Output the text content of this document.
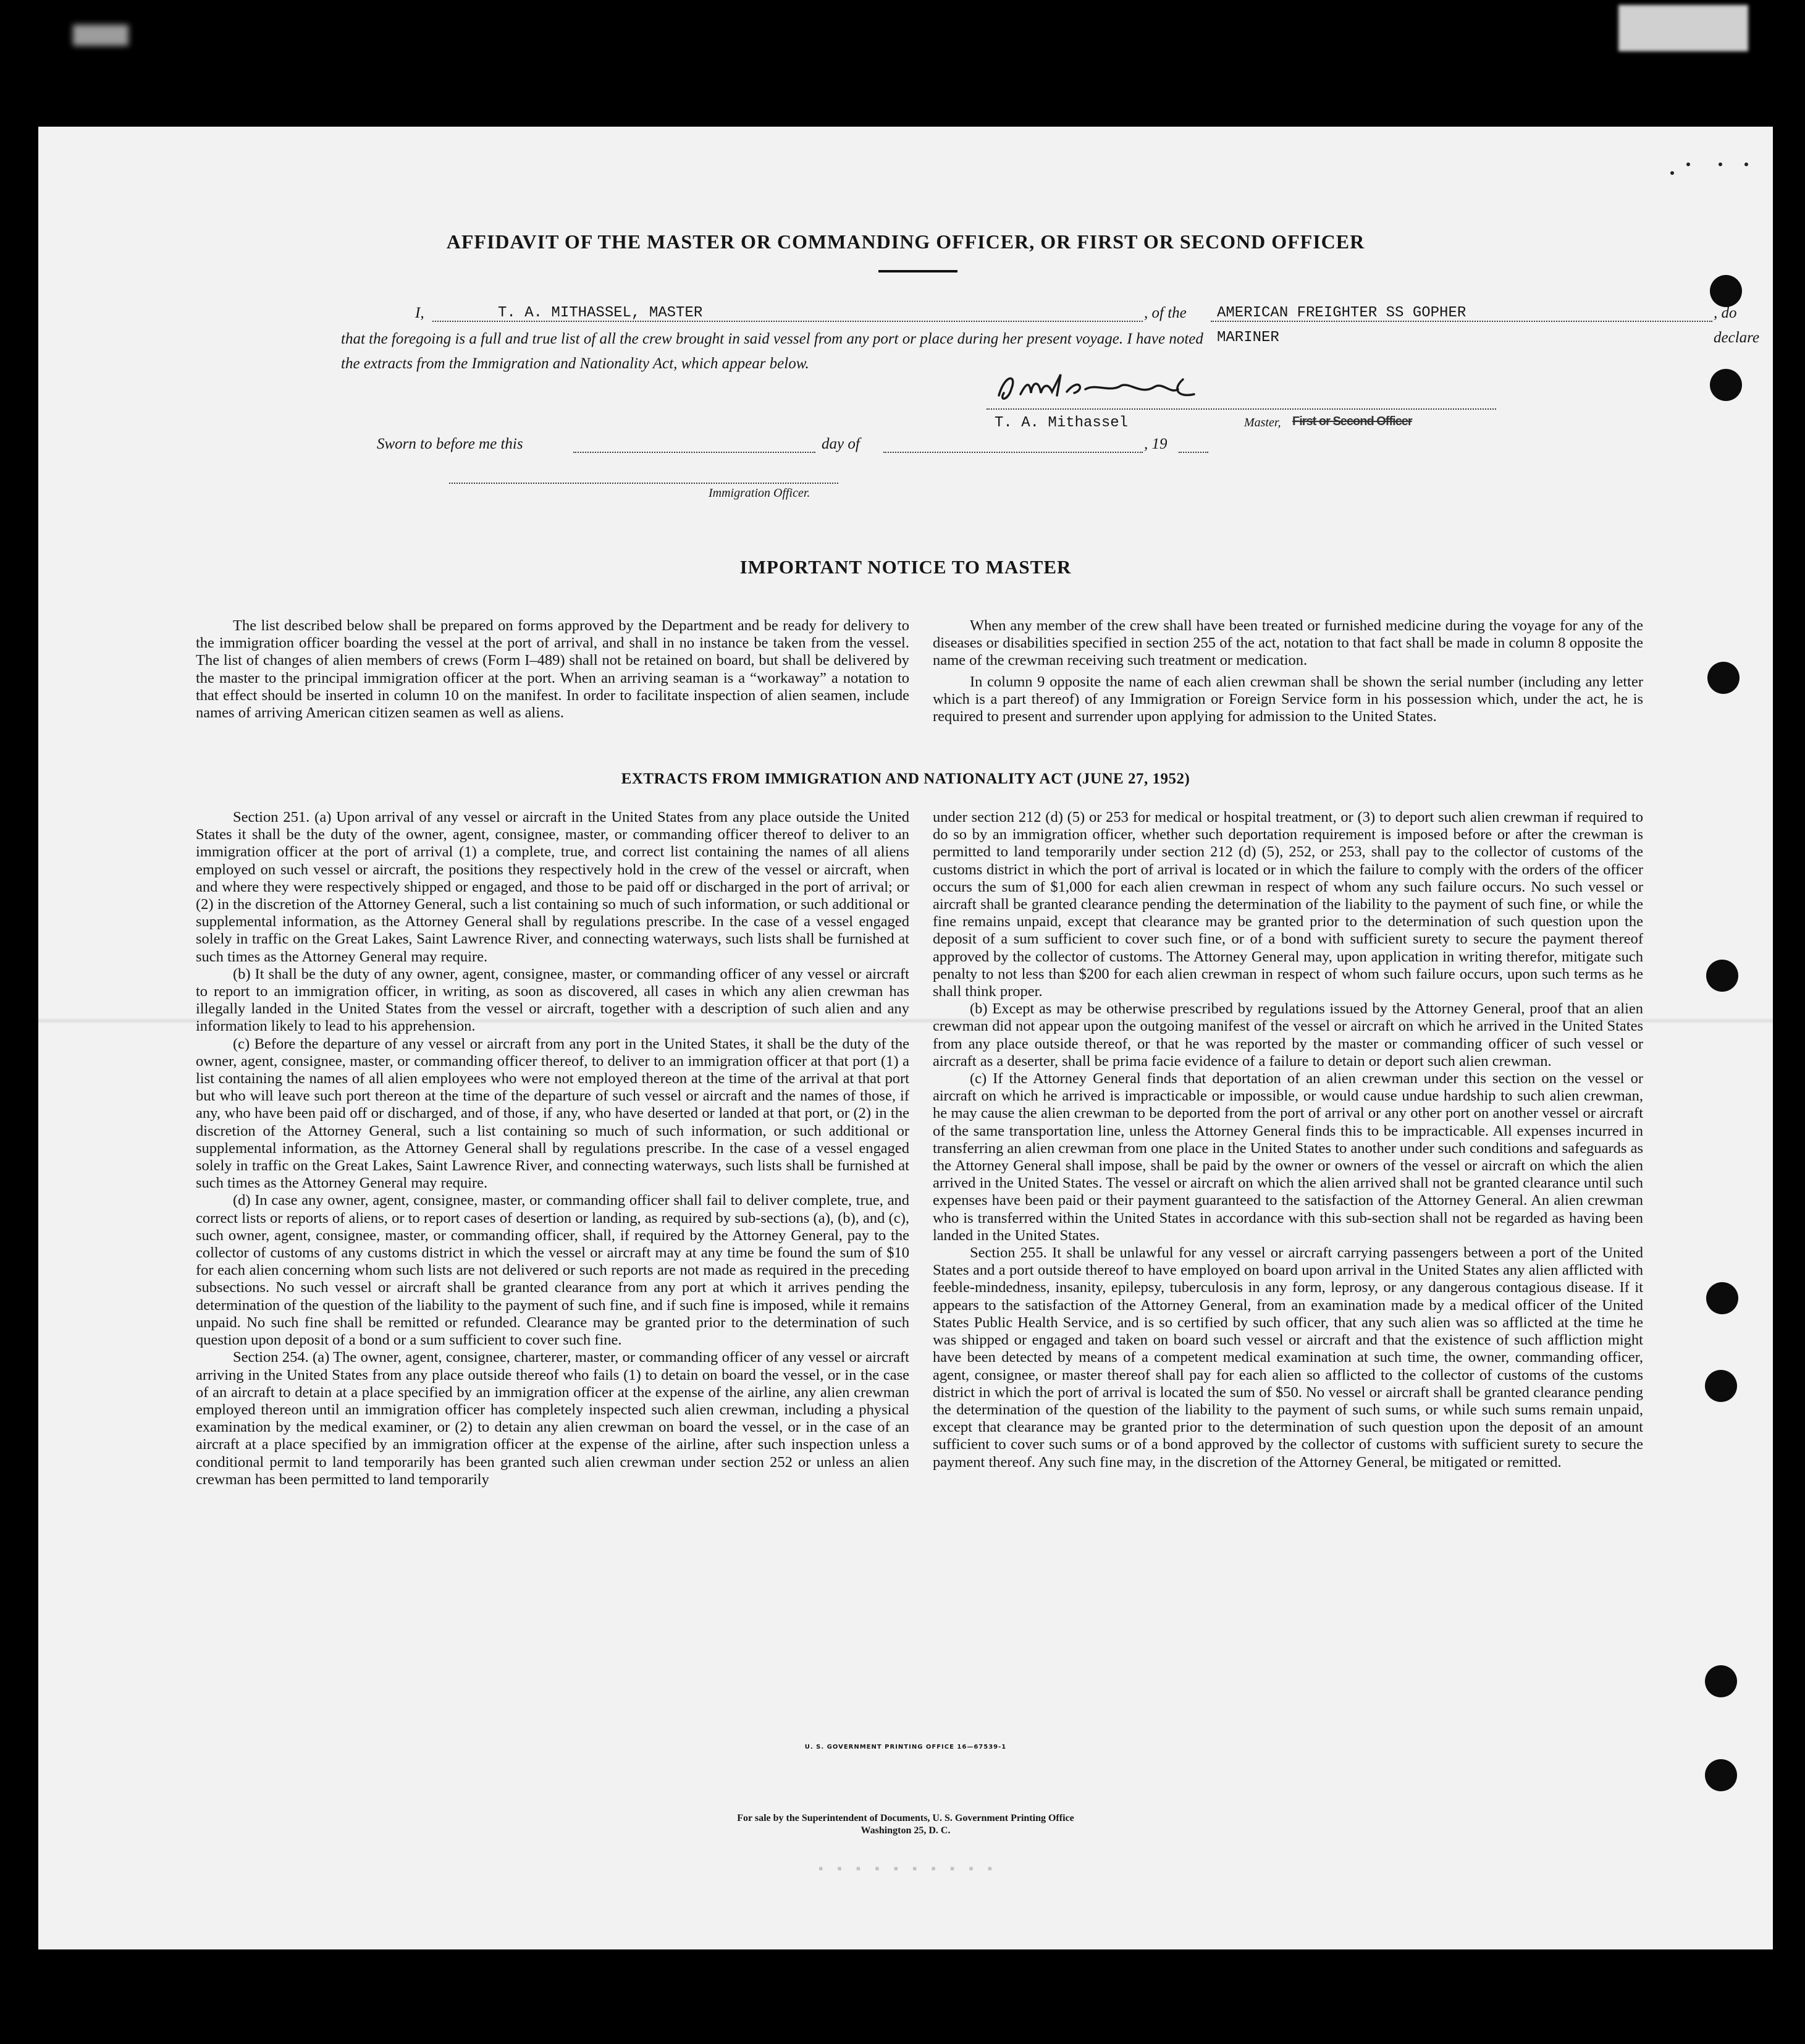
AFFIDAVIT OF THE MASTER OR COMMANDING OFFICER, OR FIRST OR SECOND OFFICER
I,	T. A. MITHASSEL, MASTER	, of the AMERICAN FREIGHTER SS GOPHER MARINER
, do declare
that the foregoing is a full and true list of all the crew brought in said vessel from any port or place during her present voyage. I have noted
the extracts from the Immigration and Nationality Act, which appear below.
T. A. Mithassel	Master, First or Second Officer
Sworn to before me this	day of	, 19
Immigration Officer.
IMPORTANT NOTICE TO MASTER

The list described below shall be prepared on forms approved by the Department and be ready for delivery to the immigration officer boarding the vessel at the port of arrival, and shall in no instance be taken from the vessel. The list of changes of alien members of crews (Form I–489) shall not be retained on board, but shall be delivered by the master to the principal immigration officer at the port. When an arriving seaman is a “workaway” a notation to that effect should be inserted in column 10 on the manifest. In order to facilitate inspection of alien seamen, include names of arriving American citizen seamen as well as aliens.

When any member of the crew shall have been treated or furnished medicine during the voyage for any of the diseases or disabilities specified in section 255 of the act, notation to that fact shall be made in column 8 opposite the name of the crewman receiving such treatment or medication.

In column 9 opposite the name of each alien crewman shall be shown the serial number (including any letter which is a part thereof) of any Immigration or Foreign Service form in his possession which, under the act, he is required to present and surrender upon applying for admission to the United States.

EXTRACTS FROM IMMIGRATION AND NATIONALITY ACT (JUNE 27, 1952)

Section 251. (a) Upon arrival of any vessel or aircraft in the United States from any place outside the United States it shall be the duty of the owner, agent, consignee, master, or commanding officer thereof to deliver to an immigration officer at the port of arrival (1) a complete, true, and correct list containing the names of all aliens employed on such vessel or aircraft, the positions they respectively hold in the crew of the vessel or aircraft, when and where they were respectively shipped or engaged, and those to be paid off or discharged in the port of arrival; or (2) in the discretion of the Attorney General, such a list containing so much of such information, or such additional or supplemental information, as the Attorney General shall by regulations prescribe. In the case of a vessel engaged solely in traffic on the Great Lakes, Saint Lawrence River, and connecting waterways, such lists shall be furnished at such times as the Attorney General may require.

(b) It shall be the duty of any owner, agent, consignee, master, or commanding officer of any vessel or aircraft to report to an immigration officer, in writing, as soon as discovered, all cases in which any alien crewman has illegally landed in the United States from the vessel or aircraft, together with a description of such alien and any information likely to lead to his apprehension.

(c) Before the departure of any vessel or aircraft from any port in the United States, it shall be the duty of the owner, agent, consignee, master, or commanding officer thereof, to deliver to an immigration officer at that port (1) a list containing the names of all alien employees who were not employed thereon at the time of the arrival at that port but who will leave such port thereon at the time of the departure of such vessel or aircraft and the names of those, if any, who have been paid off or discharged, and of those, if any, who have deserted or landed at that port, or (2) in the discretion of the Attorney General, such a list containing so much of such information, or such additional or supplemental information, as the Attorney General shall by regulations prescribe. In the case of a vessel engaged solely in traffic on the Great Lakes, Saint Lawrence River, and connecting waterways, such lists shall be furnished at such times as the Attorney General may require.

(d) In case any owner, agent, consignee, master, or commanding officer shall fail to deliver complete, true, and correct lists or reports of aliens, or to report cases of desertion or landing, as required by sub-sections (a), (b), and (c), such owner, agent, consignee, master, or commanding officer, shall, if required by the Attorney General, pay to the collector of customs of any customs district in which the vessel or aircraft may at any time be found the sum of $10 for each alien concerning whom such lists are not delivered or such reports are not made as required in the preceding subsections. No such vessel or aircraft shall be granted clearance from any port at which it arrives pending the determination of the question of the liability to the payment of such fine, and if such fine is imposed, while it remains unpaid. No such fine shall be remitted or refunded. Clearance may be granted prior to the determination of such question upon deposit of a bond or a sum sufficient to cover such fine.

Section 254. (a) The owner, agent, consignee, charterer, master, or commanding officer of any vessel or aircraft arriving in the United States from any place outside thereof who fails (1) to detain on board the vessel, or in the case of an aircraft to detain at a place specified by an immigration officer at the expense of the airline, any alien crewman employed thereon until an immigration officer has completely inspected such alien crewman, including a physical examination by the medical examiner, or (2) to detain any alien crewman on board the vessel, or in the case of an aircraft at a place specified by an immigration officer at the expense of the airline, after such inspection unless a conditional permit to land temporarily has been granted such alien crewman under section 252 or unless an alien crewman has been permitted to land temporarily

under section 212 (d) (5) or 253 for medical or hospital treatment, or (3) to deport such alien crewman if required to do so by an immigration officer, whether such deportation requirement is imposed before or after the crewman is permitted to land temporarily under section 212 (d) (5), 252, or 253, shall pay to the collector of customs of the customs district in which the port of arrival is located or in which the failure to comply with the orders of the officer occurs the sum of $1,000 for each alien crewman in respect of whom any such failure occurs. No such vessel or aircraft shall be granted clearance pending the determination of the liability to the payment of such fine, or while the fine remains unpaid, except that clearance may be granted prior to the determination of such question upon the deposit of a sum sufficient to cover such fine, or of a bond with sufficient surety to secure the payment thereof approved by the collector of customs. The Attorney General may, upon application in writing therefor, mitigate such penalty to not less than $200 for each alien crewman in respect of whom such failure occurs, upon such terms as he shall think proper.

(b) Except as may be otherwise prescribed by regulations issued by the Attorney General, proof that an alien crewman did not appear upon the outgoing manifest of the vessel or aircraft on which he arrived in the United States from any place outside thereof, or that he was reported by the master or commanding officer of such vessel or aircraft as a deserter, shall be prima facie evidence of a failure to detain or deport such alien crewman.

(c) If the Attorney General finds that deportation of an alien crewman under this section on the vessel or aircraft on which he arrived is impracticable or impossible, or would cause undue hardship to such alien crewman, he may cause the alien crewman to be deported from the port of arrival or any other port on another vessel or aircraft of the same transportation line, unless the Attorney General finds this to be impracticable. All expenses incurred in transferring an alien crewman from one place in the United States to another under such conditions and safeguards as the Attorney General shall impose, shall be paid by the owner or owners of the vessel or aircraft on which the alien arrived in the United States. The vessel or aircraft on which the alien arrived shall not be granted clearance until such expenses have been paid or their payment guaranteed to the satisfaction of the Attorney General. An alien crewman who is transferred within the United States in accordance with this sub-section shall not be regarded as having been landed in the United States.

Section 255. It shall be unlawful for any vessel or aircraft carrying passengers between a port of the United States and a port outside thereof to have employed on board upon arrival in the United States any alien afflicted with feeble-mindedness, insanity, epilepsy, tuberculosis in any form, leprosy, or any dangerous contagious disease. If it appears to the satisfaction of the Attorney General, from an examination made by a medical officer of the United States Public Health Service, and is so certified by such officer, that any such alien was so afflicted at the time he was shipped or engaged and taken on board such vessel or aircraft and that the existence of such affliction might have been detected by means of a competent medical examination at such time, the owner, commanding officer, agent, consignee, or master thereof shall pay for each alien so afflicted to the collector of customs of the customs district in which the port of arrival is located the sum of $50. No vessel or aircraft shall be granted clearance pending the determination of the question of the liability to the payment of such sums, or while such sums remain unpaid, except that clearance may be granted prior to the determination of such question upon the deposit of an amount sufficient to cover such sums or of a bond approved by the collector of customs with sufficient surety to secure the payment thereof. Any such fine may, in the discretion of the Attorney General, be mitigated or remitted.

U. S. GOVERNMENT PRINTING OFFICE 16—67539-1
For sale by the Superintendent of Documents, U. S. Government Printing Office
Washington 25, D. C.
▪ ▪ ▪ ▪ ▪ ▪ ▪ ▪ ▪ ▪
